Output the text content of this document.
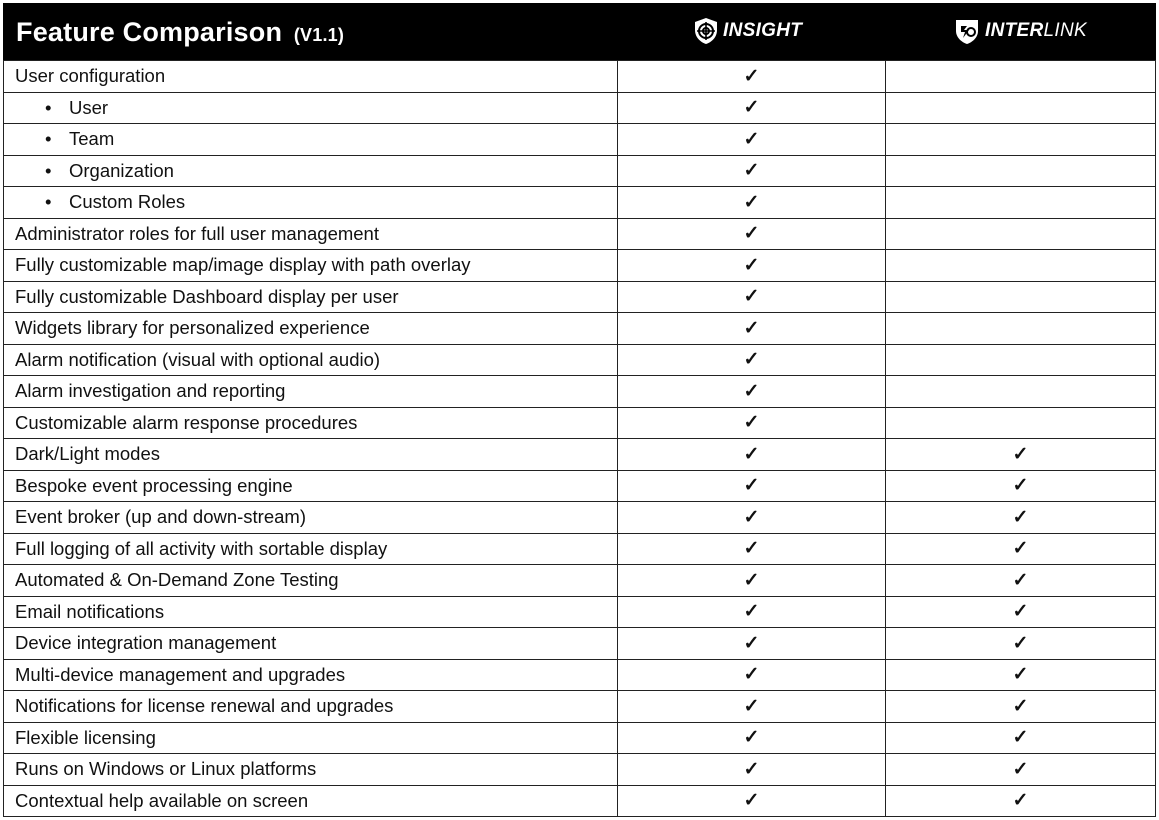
Feature Comparison (V1.1)	INSIGHT	INTERLINK
User configuration	✓	
• User	✓	
• Team	✓	
• Organization	✓	
• Custom Roles	✓	
Administrator roles for full user management	✓	
Fully customizable map/image display with path overlay	✓	
Fully customizable Dashboard display per user	✓	
Widgets library for personalized experience	✓	
Alarm notification (visual with optional audio)	✓	
Alarm investigation and reporting	✓	
Customizable alarm response procedures	✓	
Dark/Light modes	✓	✓
Bespoke event processing engine	✓	✓
Event broker (up and down-stream)	✓	✓
Full logging of all activity with sortable display	✓	✓
Automated & On-Demand Zone Testing	✓	✓
Email notifications	✓	✓
Device integration management	✓	✓
Multi-device management and upgrades	✓	✓
Notifications for license renewal and upgrades	✓	✓
Flexible licensing	✓	✓
Runs on Windows or Linux platforms	✓	✓
Contextual help available on screen	✓	✓
